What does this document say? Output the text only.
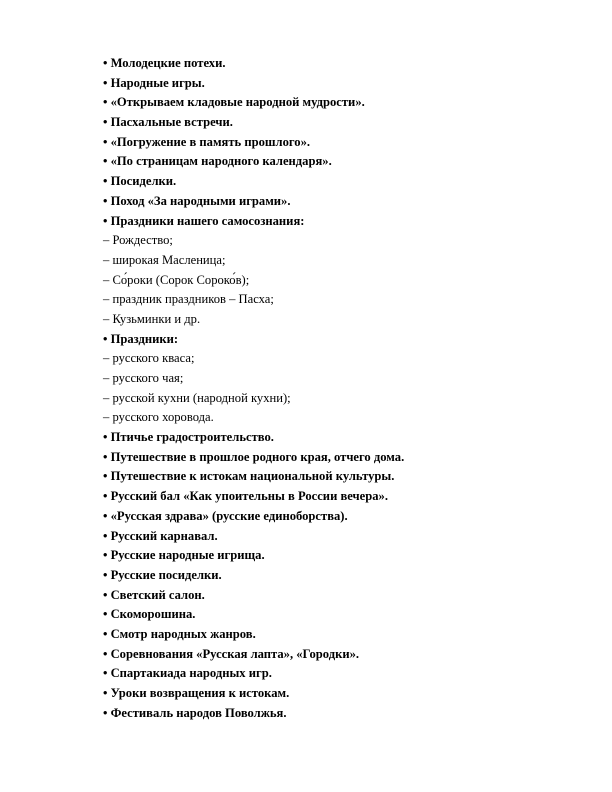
• Молодецкие потехи.
• Народные игры.
• «Открываем кладовые народной мудрости».
• Пасхальные встречи.
• «Погружение в память прошлого».
• «По страницам народного календаря».
• Посиделки.
• Поход «За народными играми».
• Праздники нашего самосознания:
– Рождество;
– широкая Масленица;
– Со́роки (Сорок Сороко́в);
– праздник праздников – Пасха;
– Кузьминки и др.
• Праздники:
– русского кваса;
– русского чая;
– русской кухни (народной кухни);
– русского хоровода.
• Птичье градостроительство.
• Путешествие в прошлое родного края, отчего дома.
• Путешествие к истокам национальной культуры.
• Русский бал «Как упоительны в России вечера».
• «Русская здрава» (русские единоборства).
• Русский карнавал.
• Русские народные игрища.
• Русские посиделки.
• Светский салон.
• Скоморошина.
• Смотр народных жанров.
• Соревнования «Русская лапта», «Городки».
• Спартакиада народных игр.
• Уроки возвращения к истокам.
• Фестиваль народов Поволжья.
